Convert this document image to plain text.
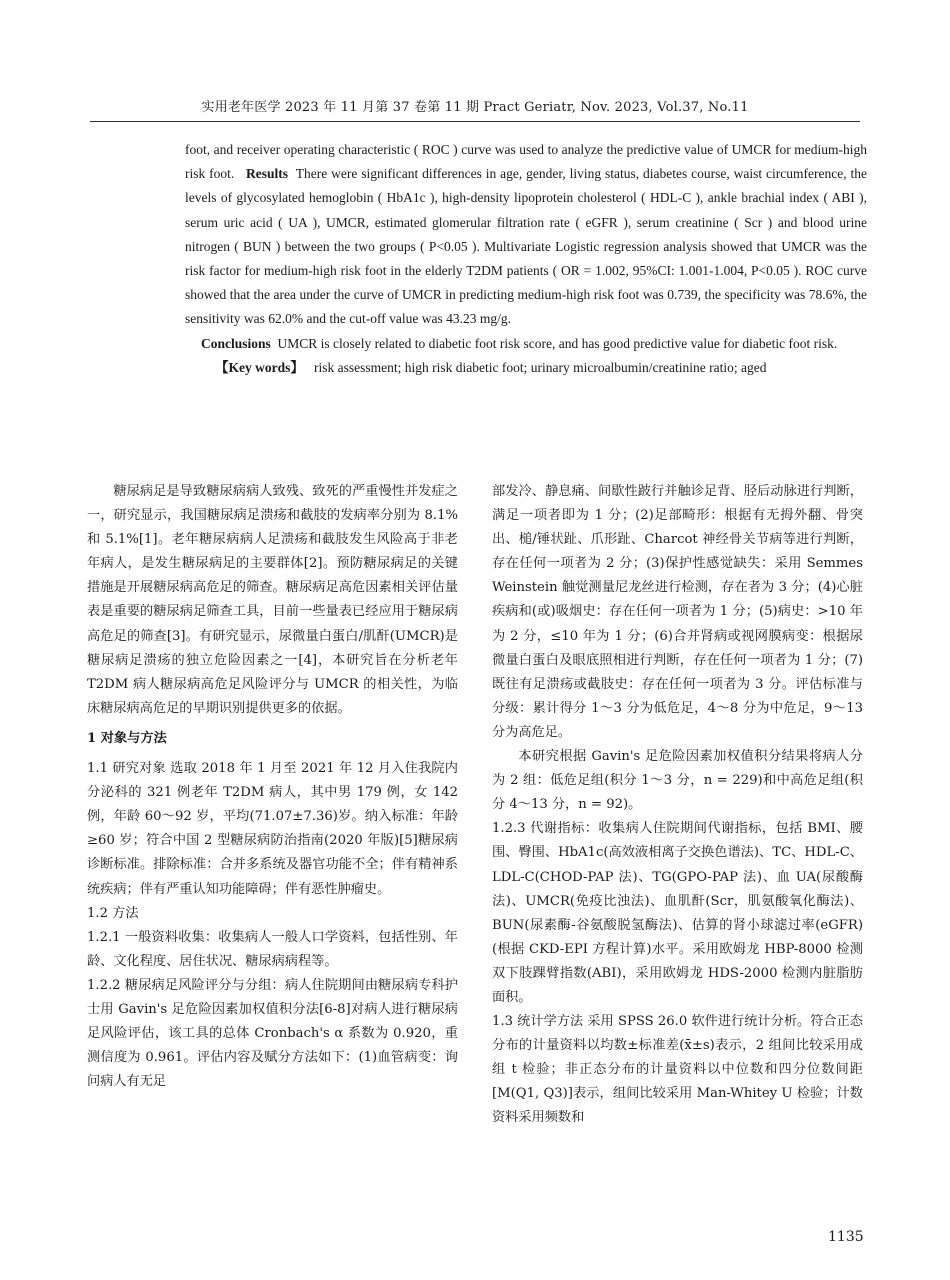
实用老年医学 2023 年 11 月第 37 卷第 11 期 Pract Geriatr, Nov. 2023, Vol.37, No.11

foot, and receiver operating characteristic ( ROC ) curve was used to analyze the predictive value of UMCR for medium-high risk foot. Results There were significant differences in age, gender, living status, diabetes course, waist circumference, the levels of glycosylated hemoglobin ( HbA1c ), high-density lipoprotein cholesterol ( HDL-C ), ankle brachial index ( ABI ), serum uric acid ( UA ), UMCR, estimated glomerular filtration rate ( eGFR ), serum creatinine ( Scr ) and blood urine nitrogen ( BUN ) between the two groups ( P<0.05 ). Multivariate Logistic regression analysis showed that UMCR was the risk factor for medium-high risk foot in the elderly T2DM patients ( OR = 1.002, 95%CI: 1.001-1.004, P<0.05 ). ROC curve showed that the area under the curve of UMCR in predicting medium-high risk foot was 0.739, the specificity was 78.6%, the sensitivity was 62.0% and the cut-off value was 43.23 mg/g.

Conclusions UMCR is closely related to diabetic foot risk score, and has good predictive value for diabetic foot risk.

【Key words】 risk assessment; high risk diabetic foot; urinary microalbumin/creatinine ratio; aged

糖尿病足是导致糖尿病病人致残、致死的严重慢性并发症之一，研究显示，我国糖尿病足溃疡和截肢的发病率分别为 8.1% 和 5.1%[1]。老年糖尿病病人足溃疡和截肢发生风险高于非老年病人，是发生糖尿病足的主要群体[2]。预防糖尿病足的关键措施是开展糖尿病高危足的筛查。糖尿病足高危因素相关评估量表是重要的糖尿病足筛查工具，目前一些量表已经应用于糖尿病高危足的筛查[3]。有研究显示，尿微量白蛋白/肌酐(UMCR)是糖尿病足溃疡的独立危险因素之一[4]，本研究旨在分析老年 T2DM 病人糖尿病高危足风险评分与 UMCR 的相关性，为临床糖尿病高危足的早期识别提供更多的依据。

1 对象与方法

1.1 研究对象 选取 2018 年 1 月至 2021 年 12 月入住我院内分泌科的 321 例老年 T2DM 病人，其中男 179 例，女 142 例，年龄 60～92 岁，平均(71.07±7.36)岁。纳入标准：年龄≥60 岁；符合中国 2 型糖尿病防治指南(2020 年版)[5]糖尿病诊断标准。排除标准：合并多系统及器官功能不全；伴有精神系统疾病；伴有严重认知功能障碍；伴有恶性肿瘤史。

1.2 方法

1.2.1 一般资料收集：收集病人一般人口学资料，包括性别、年龄、文化程度、居住状况、糖尿病病程等。

1.2.2 糖尿病足风险评分与分组：病人住院期间由糖尿病专科护士用 Gavin's 足危险因素加权值积分法[6-8]对病人进行糖尿病足风险评估，该工具的总体 Cronbach's α 系数为 0.920，重测信度为 0.961。评估内容及赋分方法如下：(1)血管病变：询问病人有无足

部发冷、静息痛、间歇性跛行并触诊足背、胫后动脉进行判断，满足一项者即为 1 分；(2)足部畸形：根据有无拇外翻、骨突出、槌/锤状趾、爪形趾、Charcot 神经骨关节病等进行判断，存在任何一项者为 2 分；(3)保护性感觉缺失：采用 Semmes Weinstein 触觉测量尼龙丝进行检测，存在者为 3 分；(4)心脏疾病和(或)吸烟史：存在任何一项者为 1 分；(5)病史：>10 年为 2 分，≤10 年为 1 分；(6)合并肾病或视网膜病变：根据尿微量白蛋白及眼底照相进行判断，存在任何一项者为 1 分；(7)既往有足溃疡或截肢史：存在任何一项者为 3 分。评估标准与分级：累计得分 1～3 分为低危足，4～8 分为中危足，9～13 分为高危足。

本研究根据 Gavin's 足危险因素加权值积分结果将病人分为 2 组：低危足组(积分 1～3 分，n = 229)和中高危足组(积分 4～13 分，n = 92)。

1.2.3 代谢指标：收集病人住院期间代谢指标，包括 BMI、腰围、臀围、HbA1c(高效液相离子交换色谱法)、TC、HDL-C、LDL-C(CHOD-PAP 法)、TG(GPO-PAP 法)、血 UA(尿酸酶法)、UMCR(免疫比浊法)、血肌酐(Scr，肌氨酸氧化酶法)、BUN(尿素酶-谷氨酸脱氢酶法)、估算的肾小球滤过率(eGFR)(根据 CKD-EPI 方程计算)水平。采用欧姆龙 HBP-8000 检测双下肢踝臂指数(ABI)，采用欧姆龙 HDS-2000 检测内脏脂肪面积。

1.3 统计学方法 采用 SPSS 26.0 软件进行统计分析。符合正态分布的计量资料以均数±标准差(x̄±s)表示，2 组间比较采用成组 t 检验；非正态分布的计量资料以中位数和四分位数间距[M(Q1, Q3)]表示，组间比较采用 Man-Whitey U 检验；计数资料采用频数和

1135
